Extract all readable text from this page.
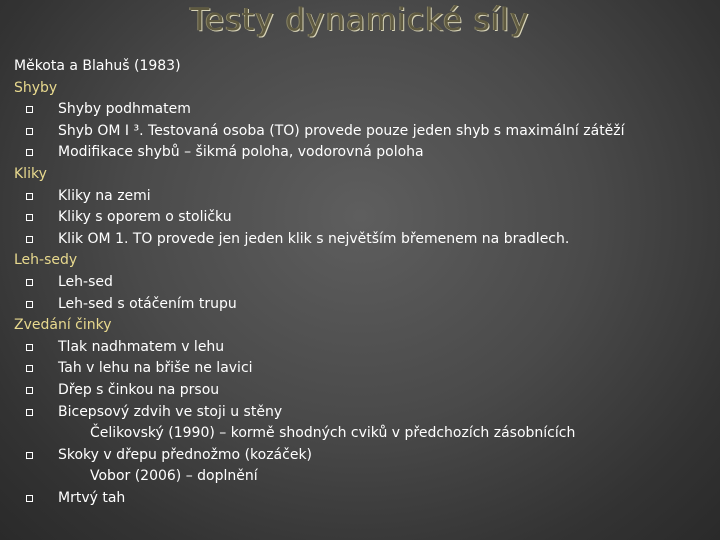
Testy dynamické síly
Měkota a Blahuš (1983)
Shyby
Shyby podhmatem
Shyb OM I ³. Testovaná osoba (TO) provede pouze jeden shyb s maximální zátěží
Modifikace shybů – šikmá poloha, vodorovná poloha
Kliky
Kliky na zemi
Kliky s oporem o stoličku
Klik OM 1. TO provede jen jeden klik s největším břemenem na bradlech.
Leh-sedy
Leh-sed
Leh-sed s otáčením trupu
Zvedání činky
Tlak nadhmatem v lehu
Tah v lehu na břiše ne lavici
Dřep s činkou na prsou
Bicepsový zdvih ve stoji u stěny
Čelikovský (1990) – kormě shodných cviků v předchozích zásobnících
Skoky v dřepu přednožmo (kozáček)
Vobor (2006) – doplnění
Mrtvý tah
